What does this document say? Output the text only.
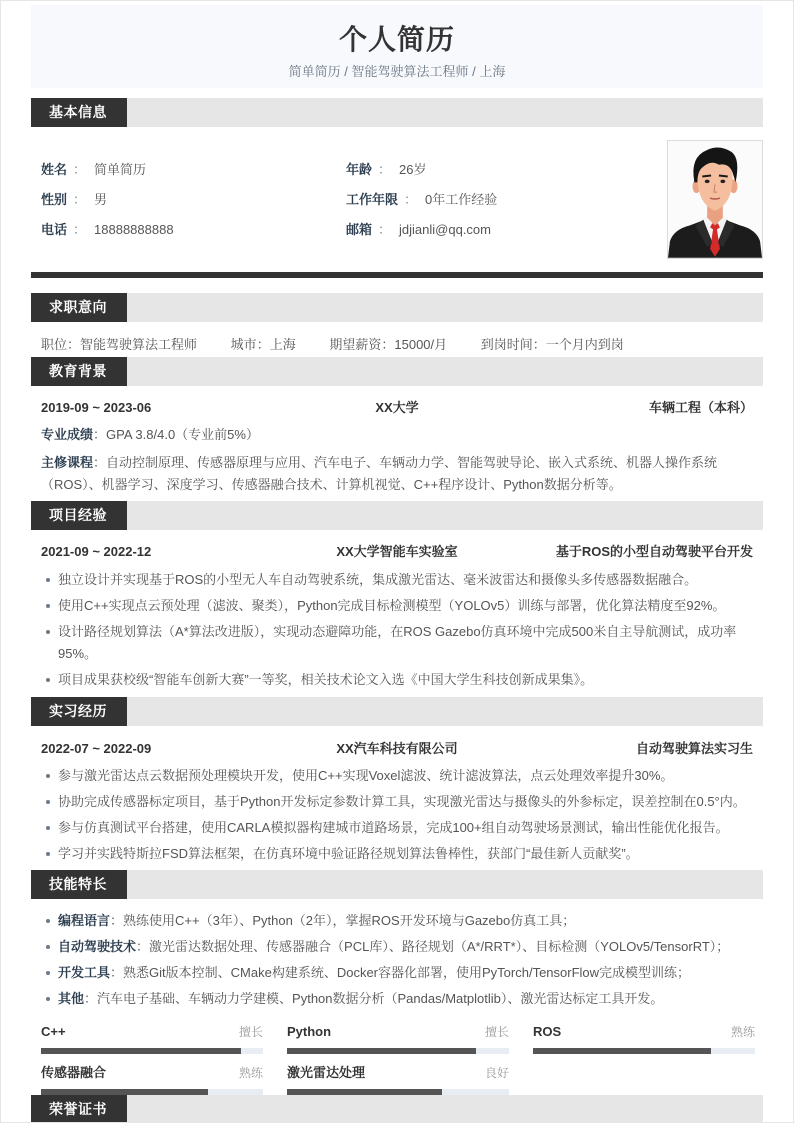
个人简历
简单简历 / 智能驾驶算法工程师 / 上海
基本信息
姓名 ： 简单简历
性别 ： 男
电话 ： 18888888888
年龄 ： 26岁
工作年限 ： 0年工作经验
邮箱 ： jdjianli@qq.com
求职意向
职位：智能驾驶算法工程师	城市：上海	期望薪资：15000/月	到岗时间：一个月内到岗
教育背景
2019-09 ~ 2023-06	XX大学	车辆工程（本科）
专业成绩：GPA 3.8/4.0（专业前5%）
主修课程：自动控制原理、传感器原理与应用、汽车电子、车辆动力学、智能驾驶导论、嵌入式系统、机器人操作系统（ROS）、机器学习、深度学习、传感器融合技术、计算机视觉、C++程序设计、Python数据分析等。
项目经验
2021-09 ~ 2022-12	XX大学智能车实验室	基于ROS的小型自动驾驶平台开发
独立设计并实现基于ROS的小型无人车自动驾驶系统，集成激光雷达、毫米波雷达和摄像头多传感器数据融合。
使用C++实现点云预处理（滤波、聚类），Python完成目标检测模型（YOLOv5）训练与部署，优化算法精度至92%。
设计路径规划算法（A*算法改进版），实现动态避障功能，在ROS Gazebo仿真环境中完成500米自主导航测试，成功率95%。
项目成果获校级“智能车创新大赛”一等奖，相关技术论文入选《中国大学生科技创新成果集》。
实习经历
2022-07 ~ 2022-09	XX汽车科技有限公司	自动驾驶算法实习生
参与激光雷达点云数据预处理模块开发，使用C++实现Voxel滤波、统计滤波算法，点云处理效率提升30%。
协助完成传感器标定项目，基于Python开发标定参数计算工具，实现激光雷达与摄像头的外参标定，误差控制在0.5°内。
参与仿真测试平台搭建，使用CARLA模拟器构建城市道路场景，完成100+组自动驾驶场景测试，输出性能优化报告。
学习并实践特斯拉FSD算法框架，在仿真环境中验证路径规划算法鲁棒性，获部门“最佳新人贡献奖”。
技能特长
编程语言：熟练使用C++（3年）、Python（2年），掌握ROS开发环境与Gazebo仿真工具；
自动驾驶技术：激光雷达数据处理、传感器融合（PCL库）、路径规划（A*/RRT*）、目标检测（YOLOv5/TensorRT）；
开发工具：熟悉Git版本控制、CMake构建系统、Docker容器化部署，使用PyTorch/TensorFlow完成模型训练；
其他：汽车电子基础、车辆动力学建模、Python数据分析（Pandas/Matplotlib）、激光雷达标定工具开发。
C++	擅长 Python	擅长 ROS	熟练
传感器融合	熟练 激光雷达处理	良好
荣誉证书
